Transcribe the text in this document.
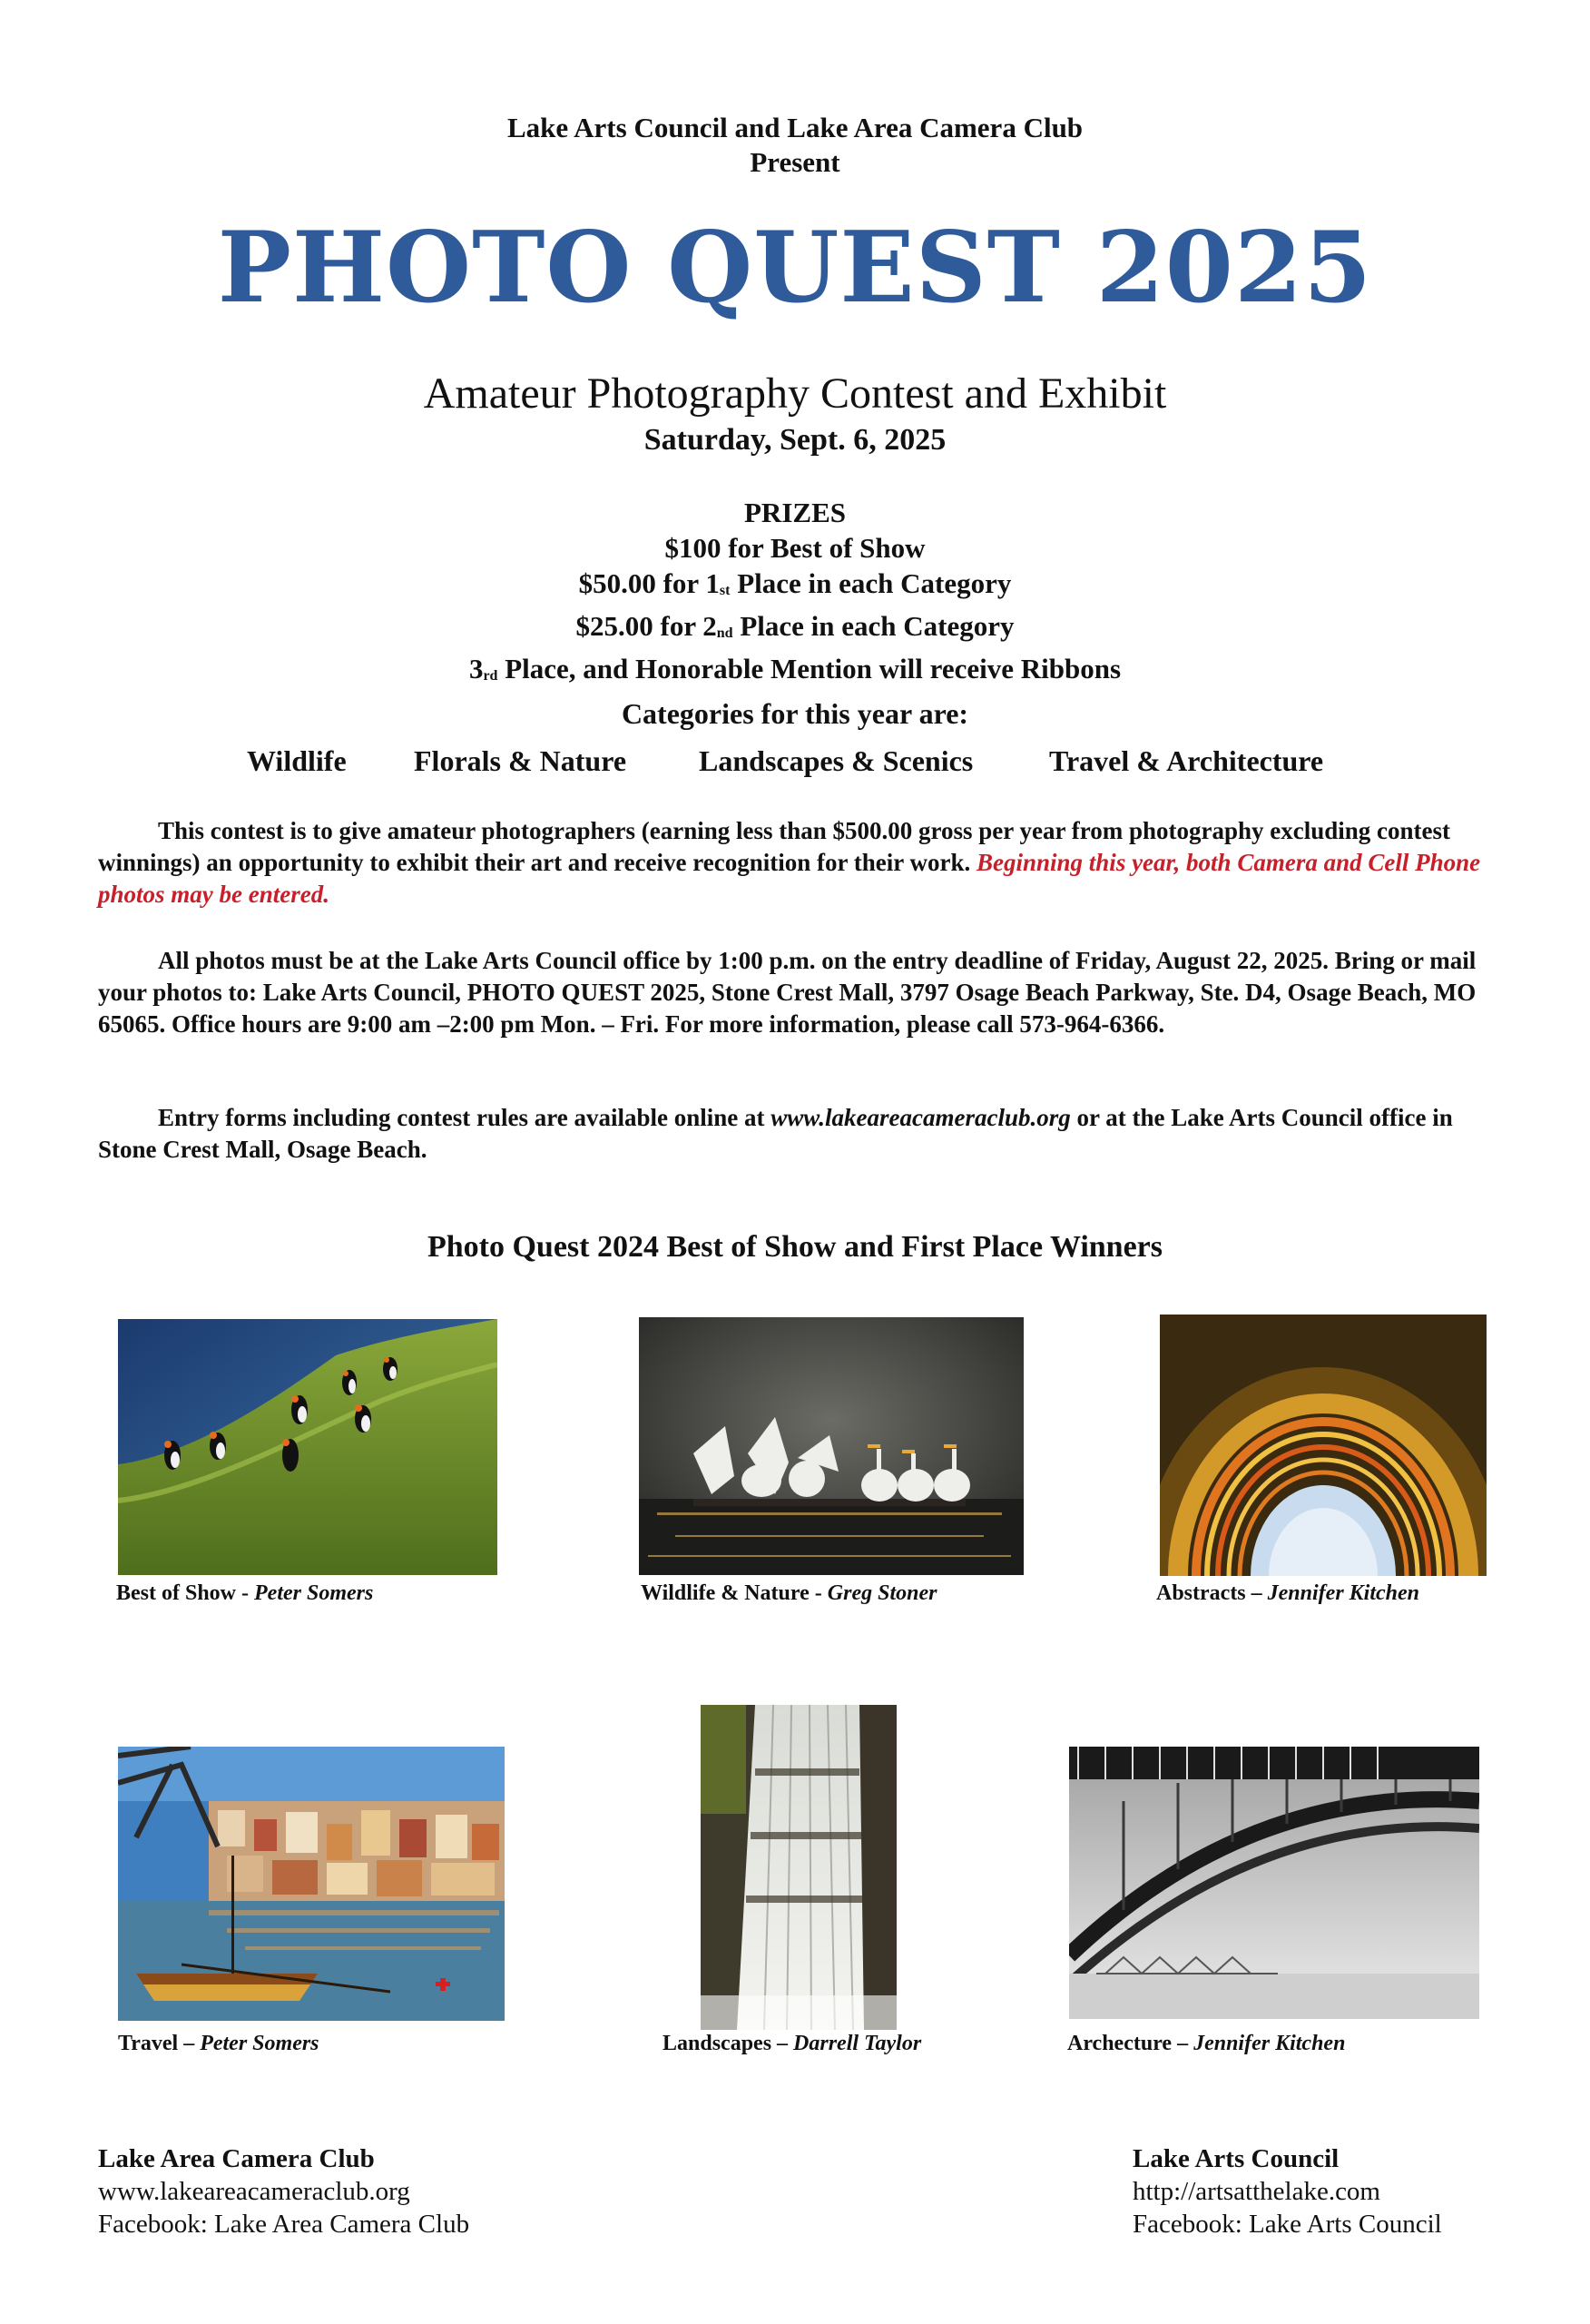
Lake Arts Council and Lake Area Camera Club
Present
PHOTO QUEST 2025
Amateur Photography Contest and Exhibit
Saturday, Sept. 6, 2025
PRIZES
$100 for Best of Show
$50.00 for $1_{st}$ Place in each Category
$25.00 for $2_{nd}$ Place in each Category
$3_{rd}$ Place, and Honorable Mention will receive Ribbons
Categories for this year are:
Wildlife Florals & Nature Landscapes & Scenics	Travel & Architecture
This contest is to give amateur photographers (earning less than $500.00 gross per year from photography excluding contest winnings) an opportunity to exhibit their art and receive recognition for their work. Beginning this year, both Camera and Cell Phone photos may be entered.
All photos must be at the Lake Arts Council office by 1:00 p.m. on the entry deadline of Friday, August 22, 2025. Bring or mail your photos to: Lake Arts Council, PHOTO QUEST 2025, Stone Crest Mall, 3797 Osage Beach Parkway, Ste. D4, Osage Beach, MO 65065. Office hours are 9:00 am –2:00 pm Mon. – Fri. For more information, please call 573-964-6366.
Entry forms including contest rules are available online at www.lakeareacameraclub.org or at the Lake Arts Council office in Stone Crest Mall, Osage Beach.
Photo Quest 2024 Best of Show and First Place Winners
Best of Show - Peter Somers	Wildlife & Nature - Greg Stoner	Abstracts – Jennifer Kitchen
Travel – Peter Somers	Landscapes – Darrell Taylor	Archecture – Jennifer Kitchen
Lake Area Camera Club
www.lakeareacameraclub.org
Facebook: Lake Area Camera Club
Lake Arts Council
http://artsatthelake.com
Facebook: Lake Arts Council
